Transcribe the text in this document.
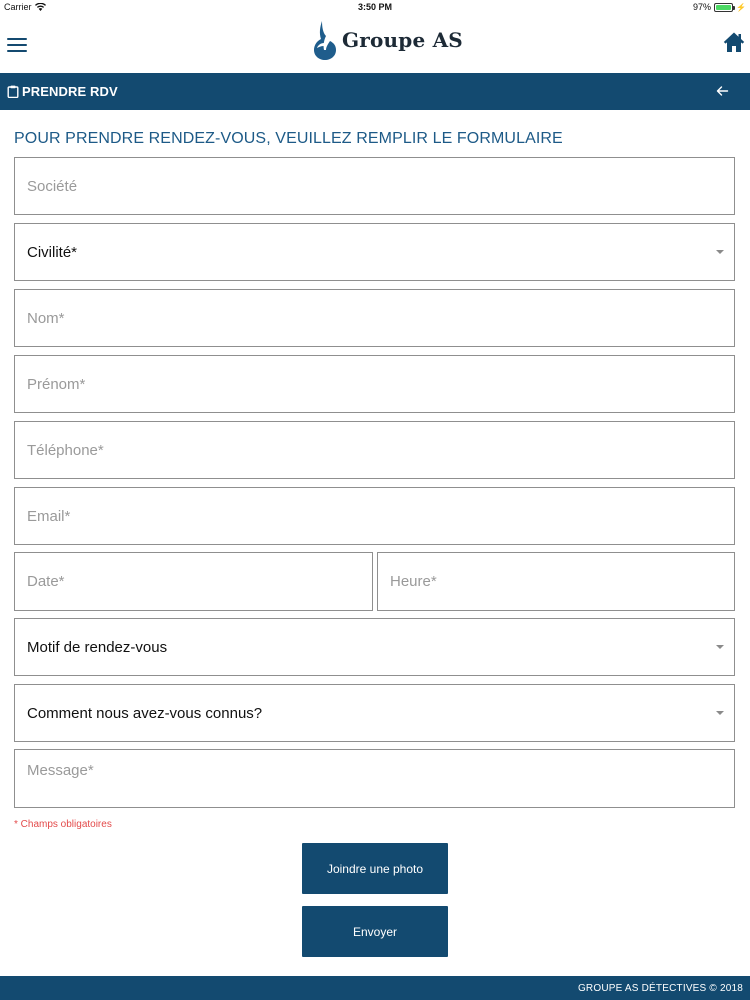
Carrier	3:50 PM	97%	⚡
Groupe AS
PRENDRE RDV
POUR PRENDRE RENDEZ-VOUS, VEUILLEZ REMPLIR LE FORMULAIRE
Société
Civilité*
Nom*
Prénom*
Téléphone*
Email*
Date*	Heure*
Motif de rendez-vous
Comment nous avez-vous connus?
Message*
* Champs obligatoires
Joindre une photo
Envoyer
GROUPE AS DÉTECTIVES © 2018
